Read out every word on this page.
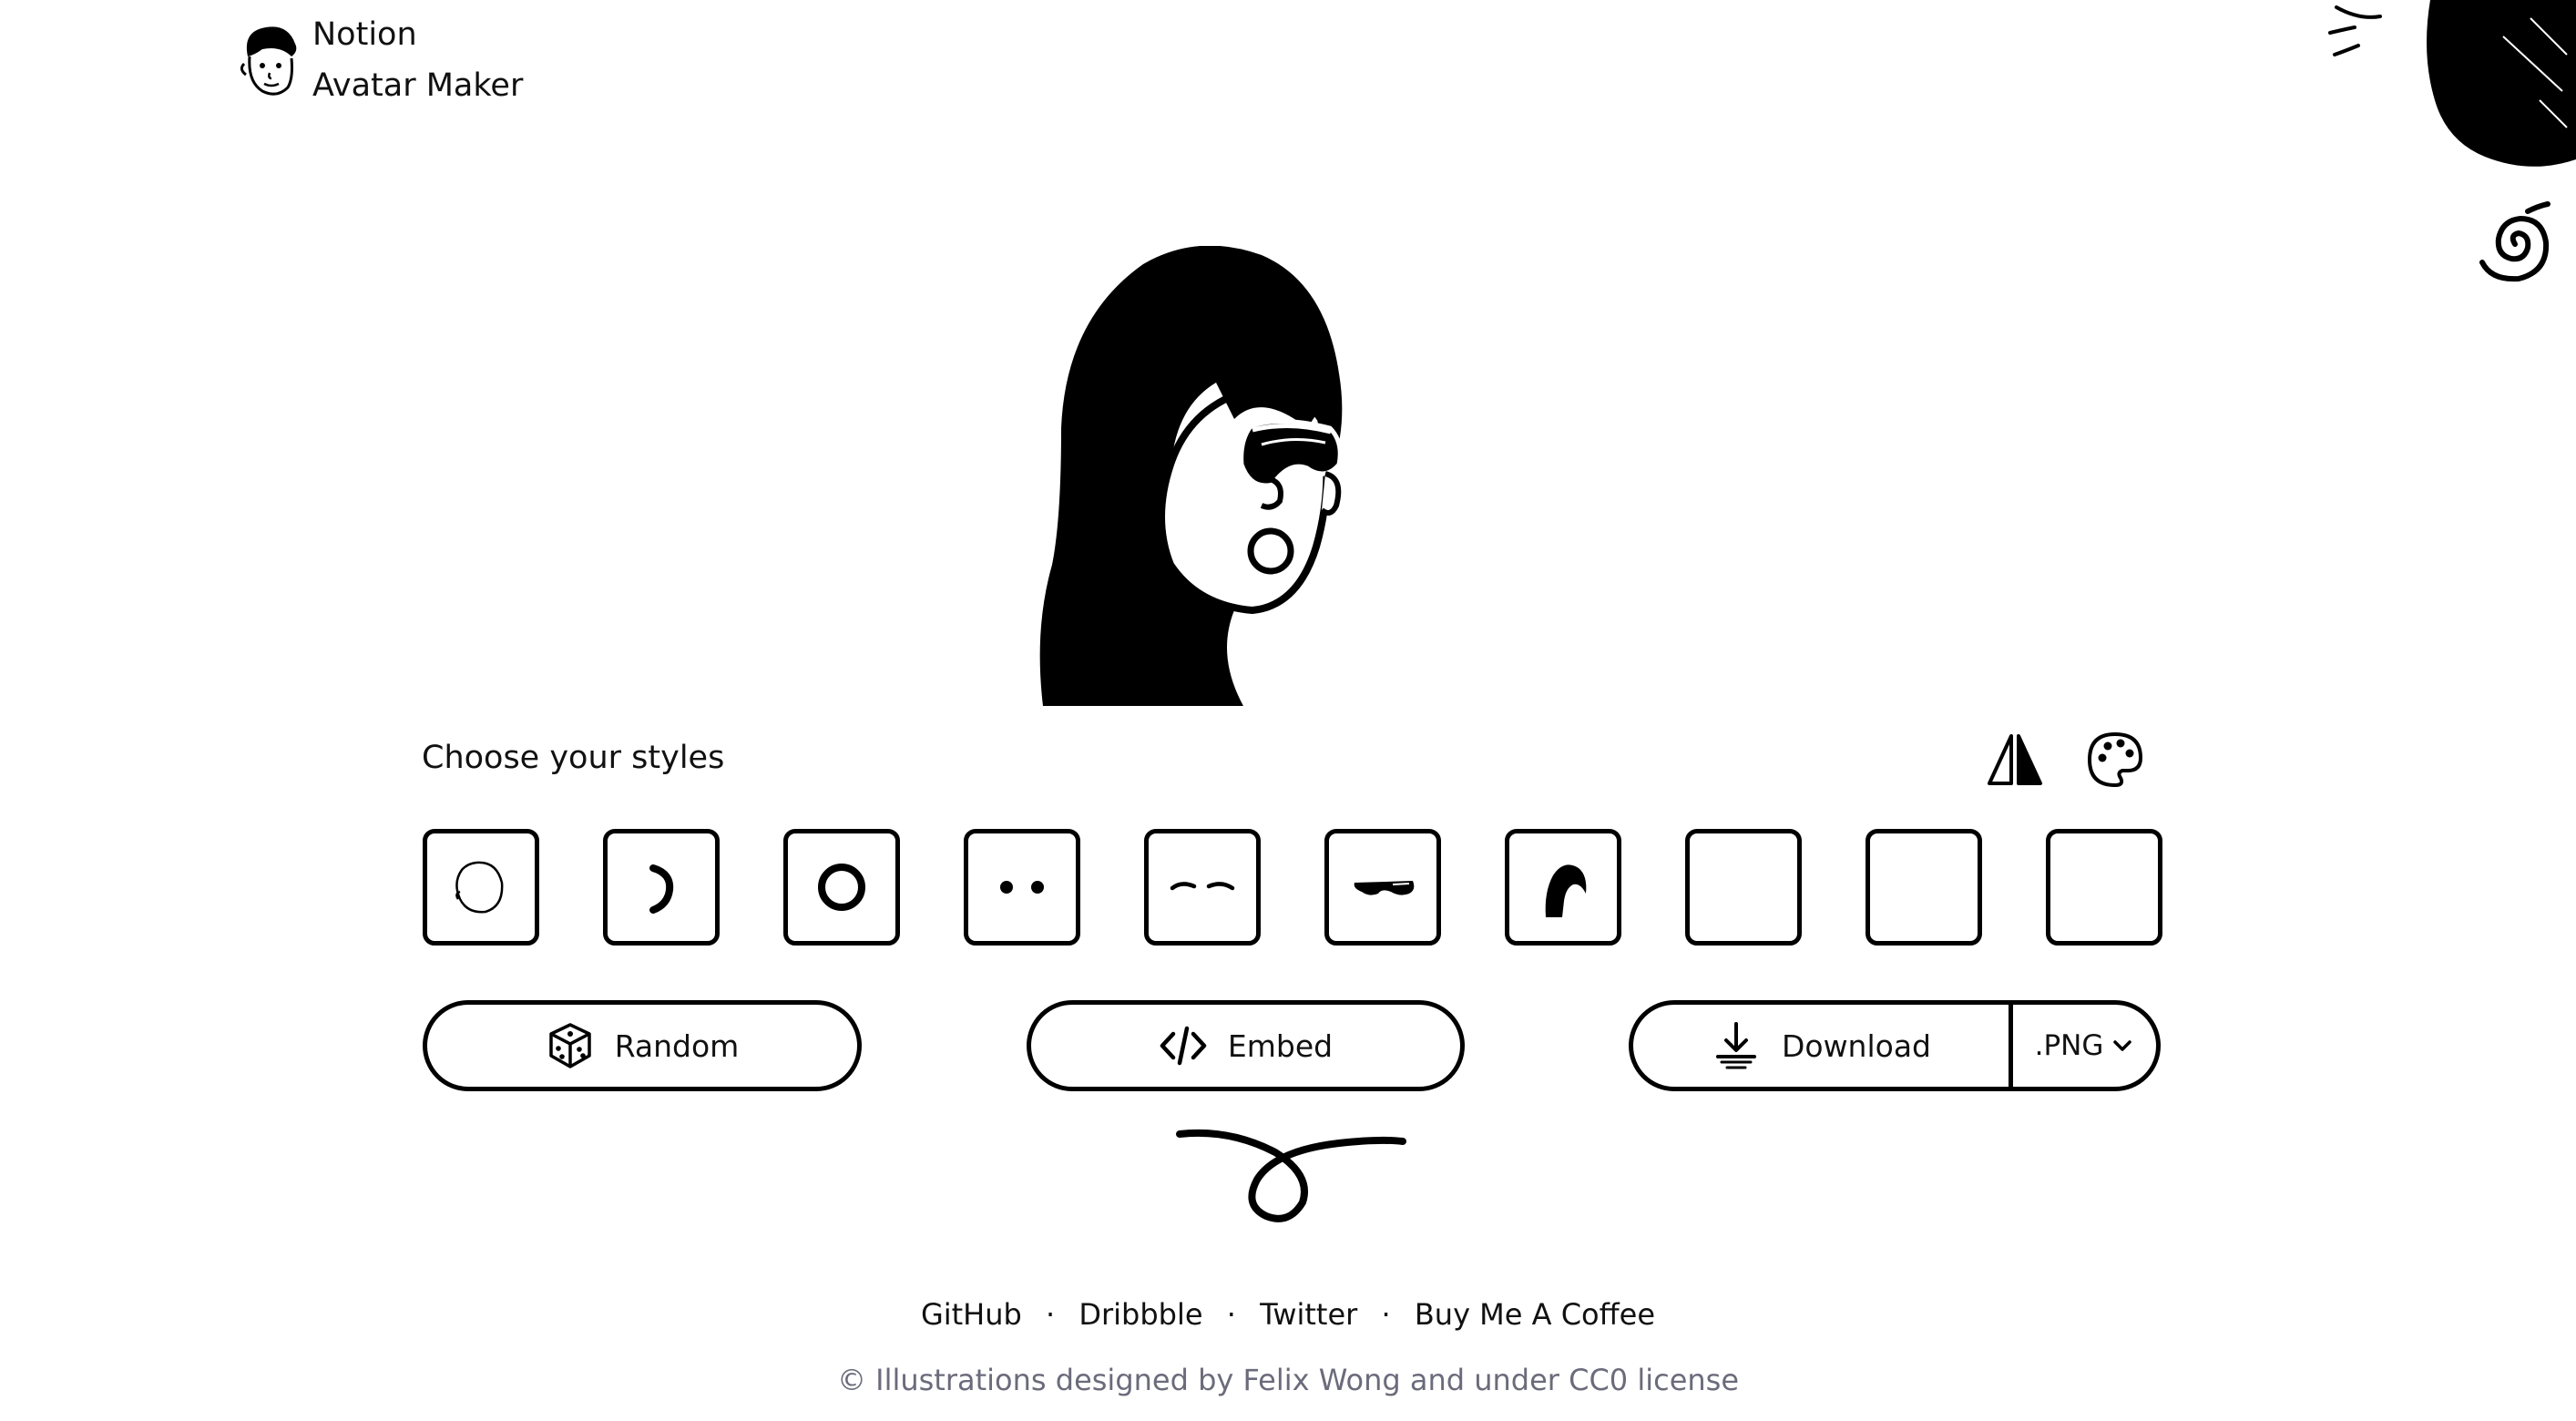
Notion
Avatar Maker
Choose your styles
Random	Embed	Download	.PNG
GitHub · Dribbble · Twitter · Buy Me A Coffee
© Illustrations designed by Felix Wong and under CC0 license
